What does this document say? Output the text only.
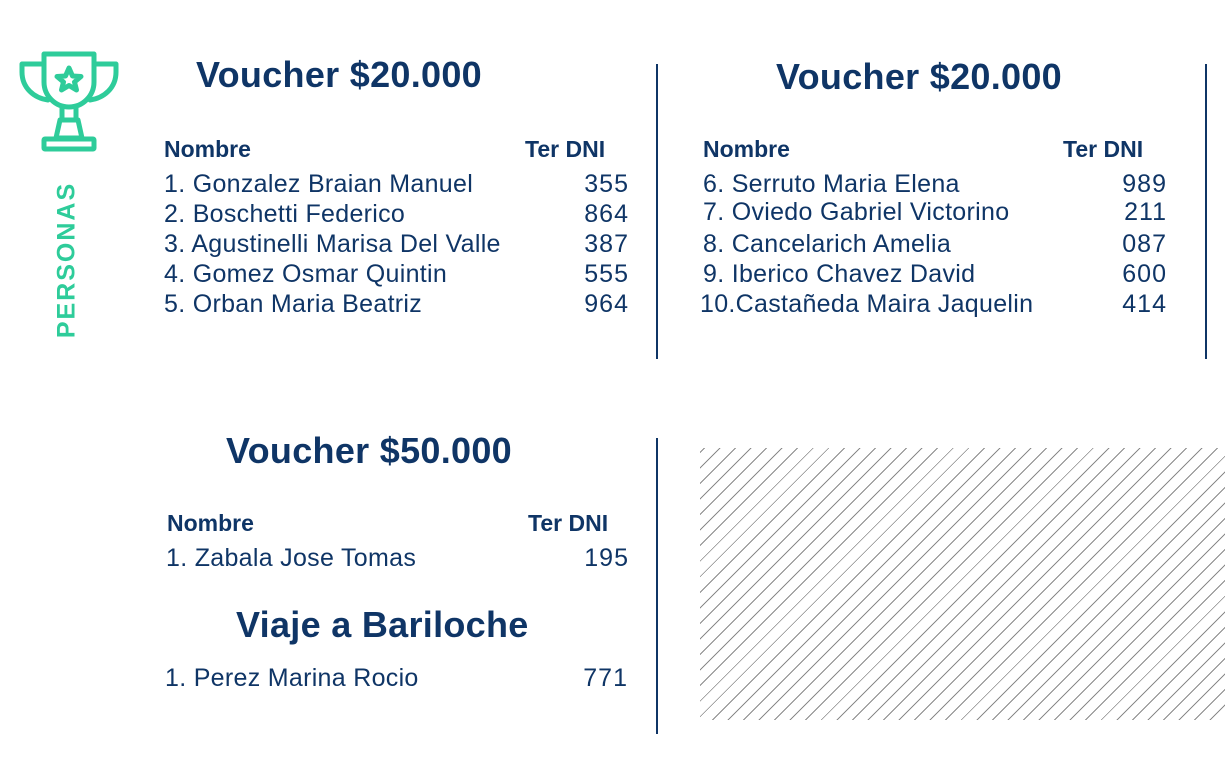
PERSONAS
Voucher $20.000
Nombre	Ter DNI
1. Gonzalez Braian Manuel	355
2. Boschetti Federico	864
3. Agustinelli Marisa Del Valle	387
4. Gomez Osmar Quintin	555
5. Orban Maria Beatriz	964
Voucher $20.000
Nombre	Ter DNI
6. Serruto Maria Elena	989
7. Oviedo Gabriel Victorino	211
8. Cancelarich Amelia	087
9. Iberico Chavez David	600
10.Castañeda Maira Jaquelin	414
Voucher $50.000
Nombre	Ter DNI
1. Zabala Jose Tomas	195
Viaje a Bariloche
1. Perez Marina Rocio	771
